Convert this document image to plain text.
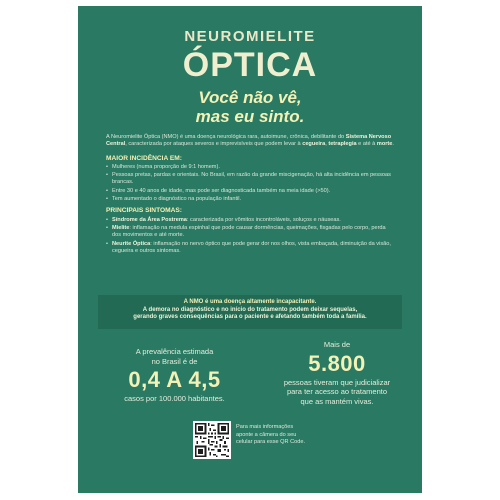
NEUROMIELITE
ÓPTICA
Você não vê,
mas eu sinto.

A Neuromielite Óptica (NMO) é uma doença neurológica rara, autoimune, crônica, debilitante do Sistema Nervoso Central, caracterizada por ataques severos e imprevisíveis que podem levar à cegueira, tetraplegia e até à morte.

MAIOR INCIDÊNCIA EM:
• Mulheres (numa proporção de 9:1 homem).
• Pessoas pretas, pardas e orientais. No Brasil, em razão da grande miscigenação, há alta incidência em pessoas brancas.
• Entre 30 e 40 anos de idade, mas pode ser diagnosticada também na meia idade (>50).
• Tem aumentado o diagnóstico na população infantil.
PRINCIPAIS SINTOMAS:
• Síndrome da Área Postrema: caracterizada por vômitos incontroláveis, soluços e náuseas.
• Mielite: inflamação na medula espinhal que pode causar dormências, queimações, fisgadas pelo corpo, perda dos movimentos e até morte.
• Neurite Óptica: inflamação no nervo óptico que pode gerar dor nos olhos, vista embaçada, diminuição da visão, cegueira e outros sintomas.
A NMO é uma doença altamente incapacitante.
A demora no diagnóstico e no início do tratamento podem deixar sequelas,
gerando graves consequências para o paciente e afetando também toda a família.
A prevalência estimada
no Brasil é de
0,4 A 4,5
casos por 100.000 habitantes.
Mais de
5.800
pessoas tiveram que judicializar
para ter acesso ao tratamento
que as mantém vivas.
Para mais informações
aponte a câmera do seu
celular para esse QR Code.
